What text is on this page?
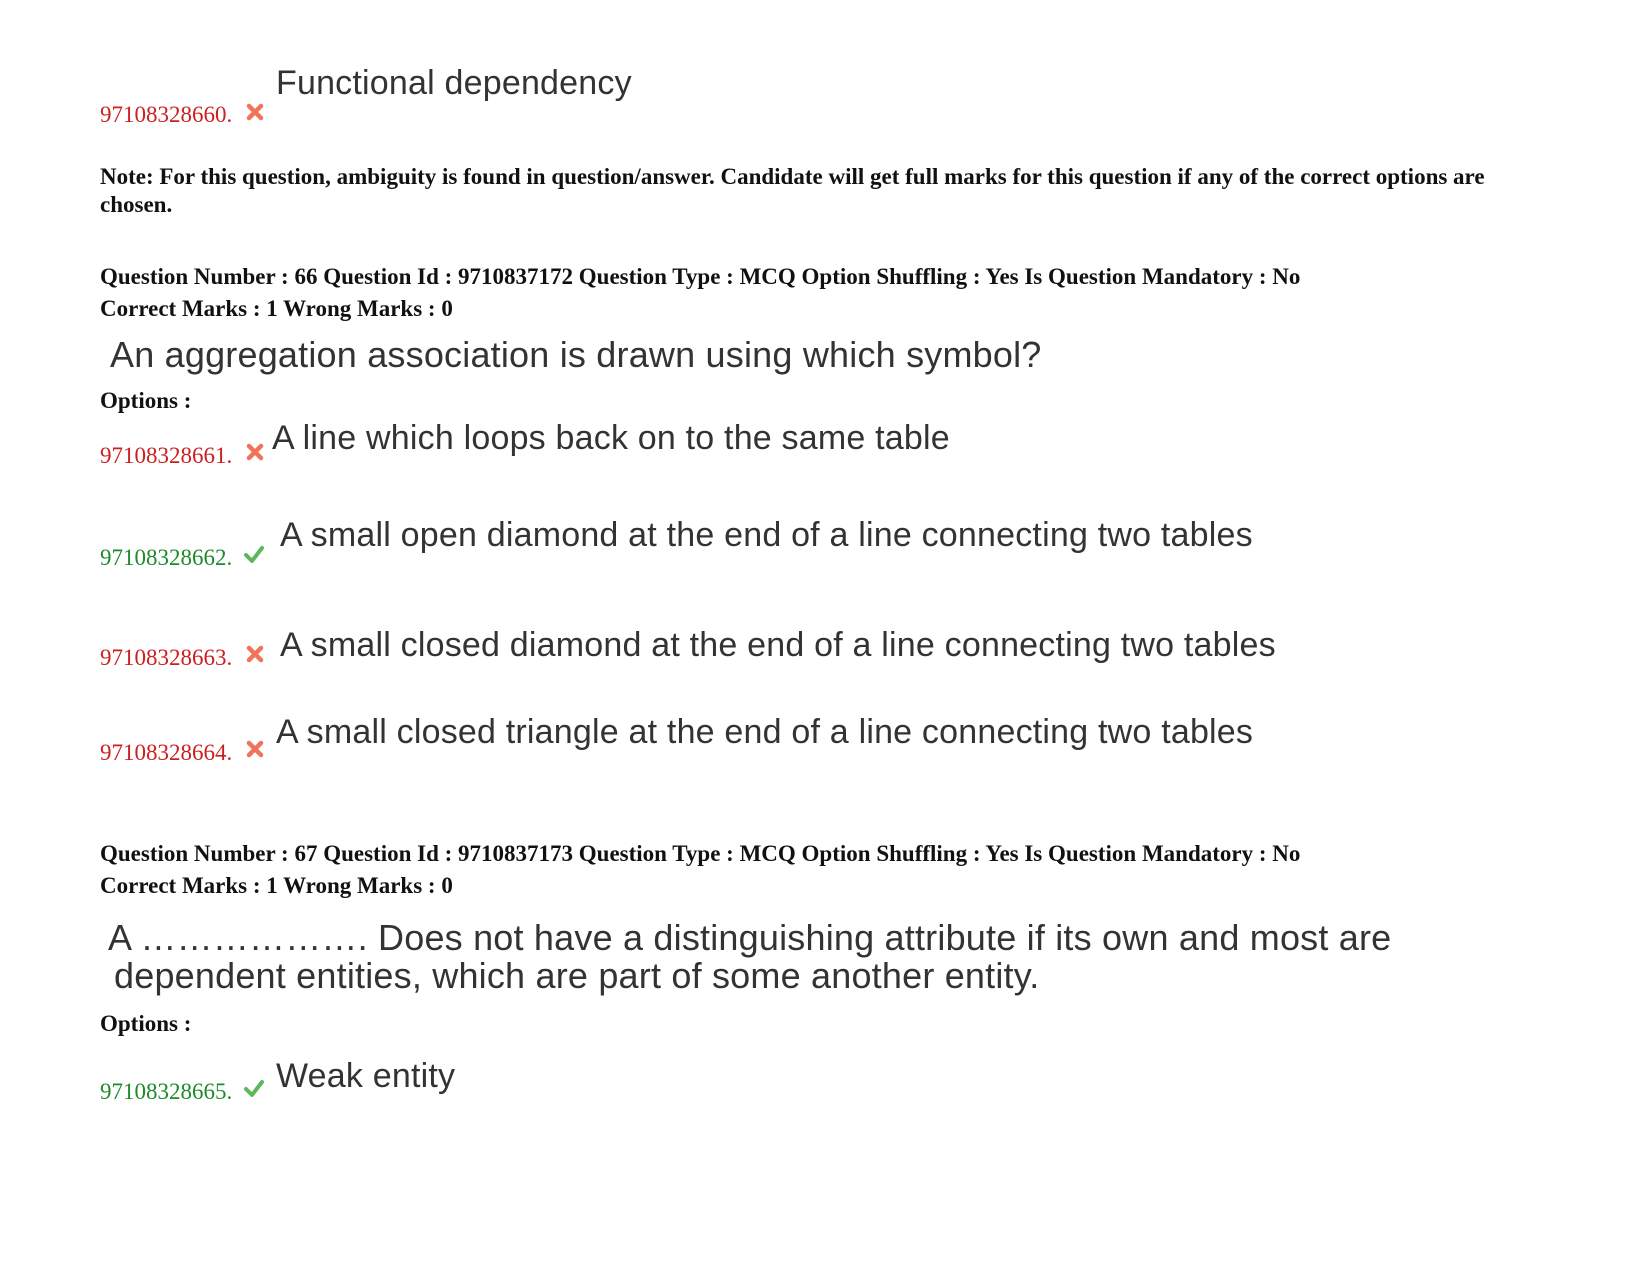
97108328660.
Functional dependency
Note: For this question, ambiguity is found in question/answer. Candidate will get full marks for this question if any of the correct options are chosen.
Question Number : 66 Question Id : 9710837172 Question Type : MCQ Option Shuffling : Yes Is Question Mandatory : No
Correct Marks : 1 Wrong Marks : 0
An aggregation association is drawn using which symbol?
Options :
97108328661. A line which loops back on to the same table
97108328662.
A small open diamond at the end of a line connecting two tables
97108328663. A small closed diamond at the end of a line connecting two tables
97108328664.
A small closed triangle at the end of a line connecting two tables
Question Number : 67 Question Id : 9710837173 Question Type : MCQ Option Shuffling : Yes Is Question Mandatory : No
Correct Marks : 1 Wrong Marks : 0
A ………………. Does not have a distinguishing attribute if its own and most are
dependent entities, which are part of some another entity.
Options :
97108328665. Weak entity
